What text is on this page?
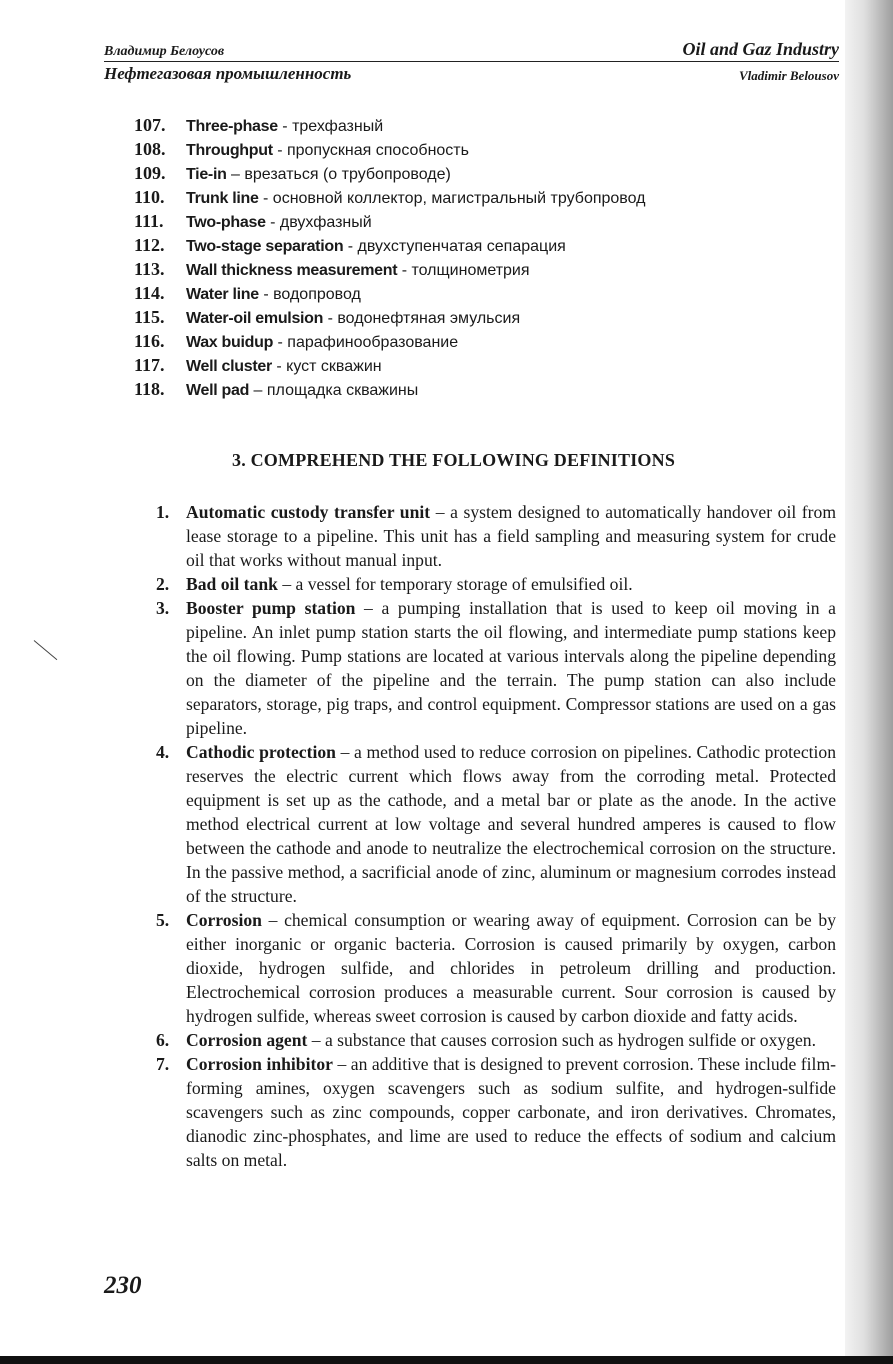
Владимир Белоусов	Oil and Gaz Industry
Нефтегазовая промышленность	Vladimir Belousov
107.	Three-phase - трехфазный
108.	Throughput - пропускная способность
109.	Tie-in – врезаться (о трубопроводе)
110.	Trunk line - основной коллектор, магистральный трубопровод
111.	Two-phase - двухфазный
112.	Two-stage separation - двухступенчатая сепарация
113.	Wall thickness measurement - толщинометрия
114.	Water line - водопровод
115.	Water-oil emulsion - водонефтяная эмульсия
116.	Wax buidup - парафинообразование
117.	Well cluster - куст скважин
118.	Well pad – площадка скважины
3. COMPREHEND THE FOLLOWING DEFINITIONS
1. Automatic custody transfer unit – a system designed to automatically handover oil from lease storage to a pipeline. This unit has a field sampling and measuring system for crude oil that works without manual input.
2. Bad oil tank – a vessel for temporary storage of emulsified oil.
3. Booster pump station – a pumping installation that is used to keep oil moving in a pipeline. An inlet pump station starts the oil flowing, and intermediate pump stations keep the oil flowing. Pump stations are located at various intervals along the pipeline depending on the diameter of the pipeline and the terrain. The pump station can also include separators, storage, pig traps, and control equipment. Compressor stations are used on a gas pipeline.
4. Cathodic protection – a method used to reduce corrosion on pipelines. Cathodic protection reserves the electric current which flows away from the corroding metal. Protected equipment is set up as the cathode, and a metal bar or plate as the anode. In the active method electrical current at low voltage and several hundred amperes is caused to flow between the cathode and anode to neutralize the electrochemical corrosion on the structure. In the passive method, a sacrificial anode of zinc, aluminum or magnesium corrodes instead of the structure.
5. Corrosion – chemical consumption or wearing away of equipment. Corrosion can be by either inorganic or organic bacteria. Corrosion is caused primarily by oxygen, carbon dioxide, hydrogen sulfide, and chlorides in petroleum drilling and production. Electrochemical corrosion produces a measurable current. Sour corrosion is caused by hydrogen sulfide, whereas sweet corrosion is caused by carbon dioxide and fatty acids.
6. Corrosion agent – a substance that causes corrosion such as hydrogen sulfide or oxygen.
7. Corrosion inhibitor – an additive that is designed to prevent corrosion. These include film-forming amines, oxygen scavengers such as sodium sulfite, and hydrogen-sulfide scavengers such as zinc compounds, copper carbonate, and iron derivatives. Chromates, dianodic zinc-phosphates, and lime are used to reduce the effects of sodium and calcium salts on metal.
230
